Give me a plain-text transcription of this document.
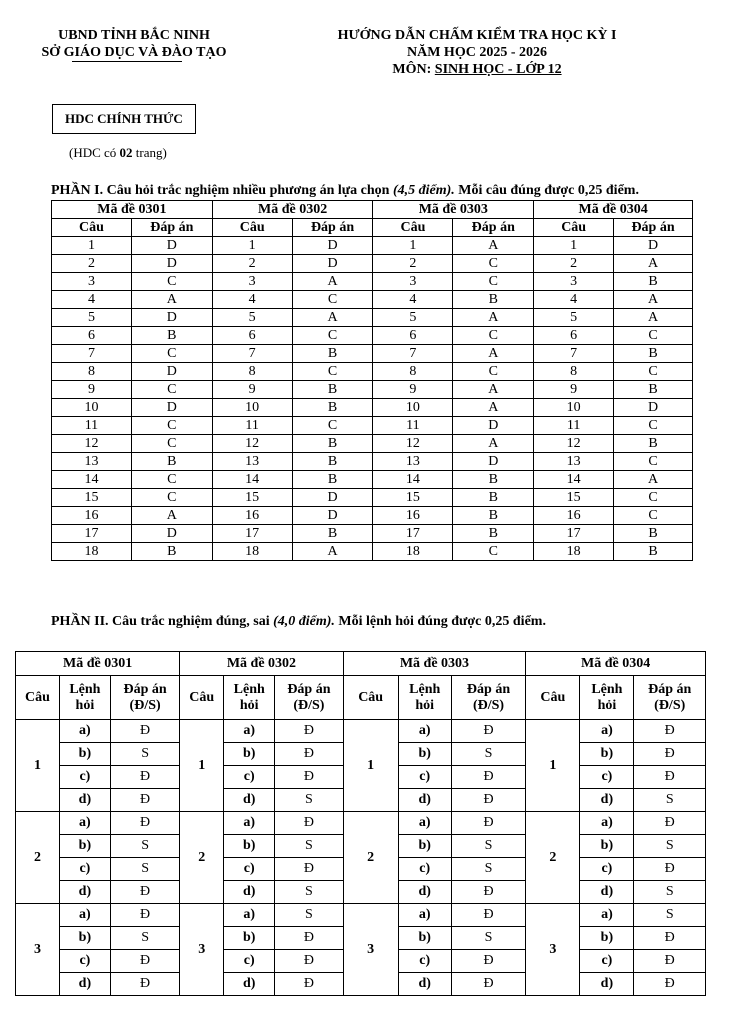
UBND TỈNH BẮC NINH
SỞ GIÁO DỤC VÀ ĐÀO TẠO
HƯỚNG DẪN CHẤM KIỂM TRA HỌC KỲ I
NĂM HỌC 2025 - 2026
MÔN: SINH HỌC - LỚP 12
HDC CHÍNH THỨC
(HDC có 02 trang)
PHẦN I. Câu hỏi trắc nghiệm nhiều phương án lựa chọn (4,5 điểm). Mỗi câu đúng được 0,25 điểm.
Mã đề 0301		Mã đề 0302		Mã đề 0303		Mã đề 0304	
Câu	Đáp án	Câu	Đáp án	Câu	Đáp án	Câu	Đáp án
1	D	1	D	1	A	1	D
2	D	2	D	2	C	2	A
3	C	3	A	3	C	3	B
4	A	4	C	4	B	4	A
5	D	5	A	5	A	5	A
6	B	6	C	6	C	6	C
7	C	7	B	7	A	7	B
8	D	8	C	8	C	8	C
9	C	9	B	9	A	9	B
10	D	10	B	10	A	10	D
11	C	11	C	11	D	11	C
12	C	12	B	12	A	12	B
13	B	13	B	13	D	13	C
14	C	14	B	14	B	14	A
15	C	15	D	15	B	15	C
16	A	16	D	16	B	16	C
17	D	17	B	17	B	17	B
18	B	18	A	18	C	18	B
PHẦN II. Câu trắc nghiệm đúng, sai (4,0 điểm). Mỗi lệnh hỏi đúng được 0,25 điểm.
Mã đề 0301			Mã đề 0302			Mã đề 0303			Mã đề 0304		
Câu	Lệnh hỏi	Đáp án (Đ/S)	Câu	Lệnh hỏi	Đáp án (Đ/S)	Câu	Lệnh hỏi	Đáp án (Đ/S)	Câu	Lệnh hỏi	Đáp án (Đ/S)
1	a)	Đ	1	a)	Đ	1	a)	Đ	1	a)	Đ
	b)	S		b)	Đ		b)	S		b)	Đ
	c)	Đ		c)	Đ		c)	Đ		c)	Đ
	d)	Đ		d)	S		d)	Đ		d)	S
2	a)	Đ	2	a)	Đ	2	a)	Đ	2	a)	Đ
	b)	S		b)	S		b)	S		b)	S
	c)	S		c)	Đ		c)	S		c)	Đ
	d)	Đ		d)	S		d)	Đ		d)	S
3	a)	Đ	3	a)	S	3	a)	Đ	3	a)	S
	b)	S		b)	Đ		b)	S		b)	Đ
	c)	Đ		c)	Đ		c)	Đ		c)	Đ
	d)	Đ		d)	Đ		d)	Đ		d)	Đ
